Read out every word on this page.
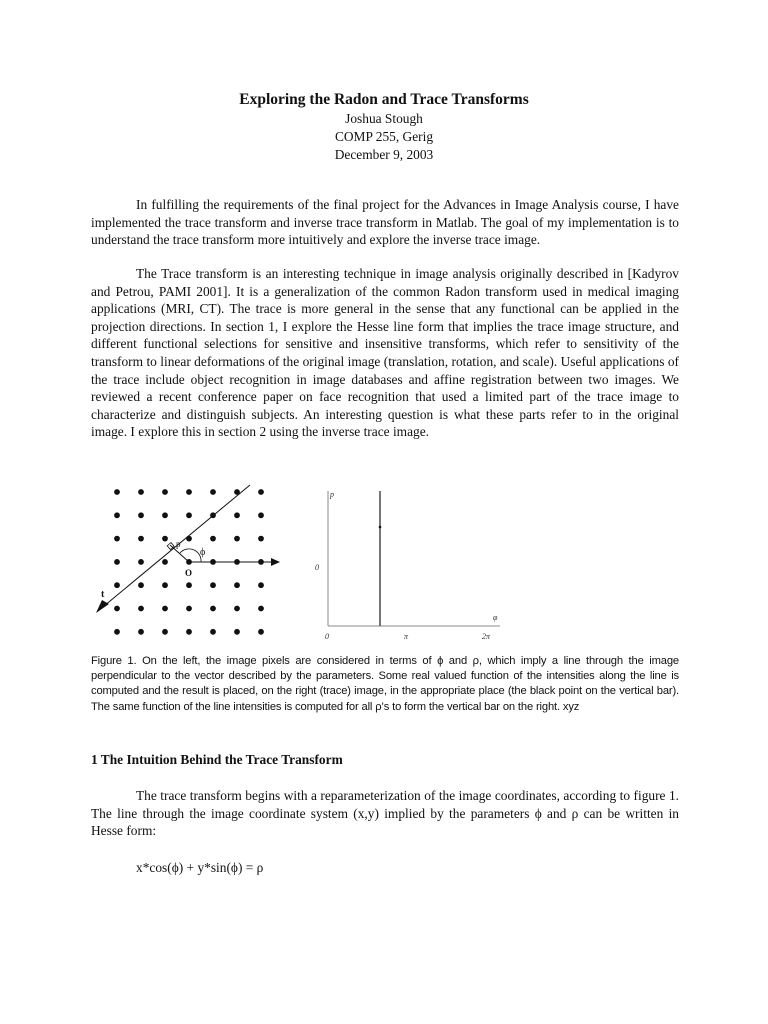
Exploring the Radon and Trace Transforms

Joshua Stough

COMP 255, Gerig

December 9, 2003

In fulfilling the requirements of the final project for the Advances in Image Analysis course, I have implemented the trace transform and inverse trace transform in Matlab. The goal of my implementation is to understand the trace transform more intuitively and explore the inverse trace image.

The Trace transform is an interesting technique in image analysis originally described in [Kadyrov and Petrou, PAMI 2001]. It is a generalization of the common Radon transform used in medical imaging applications (MRI, CT). The trace is more general in the sense that any functional can be applied in the projection directions. In section 1, I explore the Hesse line form that implies the trace image structure, and different functional selections for sensitive and insensitive transforms, which refer to sensitivity of the transform to linear deformations of the original image (translation, rotation, and scale). Useful applications of the trace include object recognition in image databases and affine registration between two images. We reviewed a recent conference paper on face recognition that used a limited part of the trace image to characterize and distinguish subjects. An interesting question is what these parts refer to in the original image. I explore this in section 2 using the inverse trace image.

p
ϕ
O
t
p
0
φ
0	π	2π
Figure 1. On the left, the image pixels are considered in terms of ϕ and ρ, which imply a line through the image perpendicular to the vector described by the parameters. Some real valued function of the intensities along the line is computed and the result is placed, on the right (trace) image, in the appropriate place (the black point on the vertical bar). The same function of the line intensities is computed for all ρ’s to form the vertical bar on the right. xyz

1 The Intuition Behind the Trace Transform

The trace transform begins with a reparameterization of the image coordinates, according to figure 1. The line through the image coordinate system (x,y) implied by the parameters ϕ and ρ can be written in Hesse form:

x*cos(ϕ) + y*sin(ϕ) = ρ
